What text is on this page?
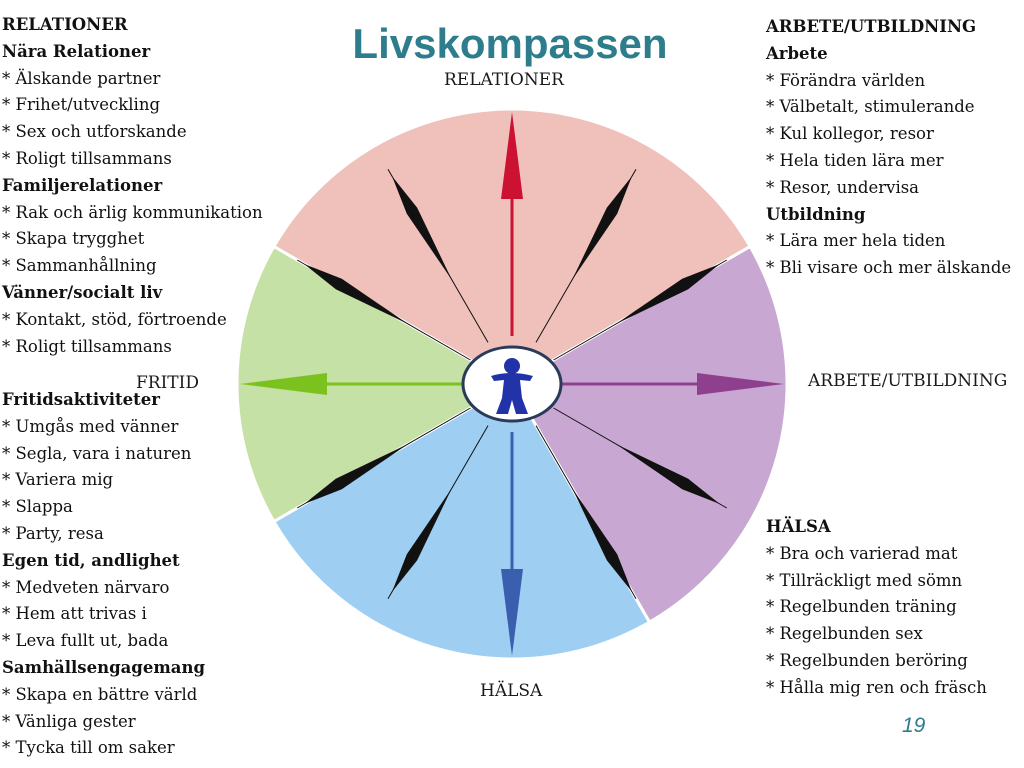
Livskompassen
RELATIONER
Nära Relationer
* Älskande partner
* Frihet/utveckling
* Sex och utforskande
* Roligt tillsammans
Familjerelationer
* Rak och ärlig kommunikation
* Skapa trygghet
* Sammanhållning
Vänner/socialt liv
* Kontakt, stöd, förtroende
* Roligt tillsammans
Fritidsaktiviteter
* Umgås med vänner
* Segla, vara i naturen
* Variera mig
* Slappa
* Party, resa
Egen tid, andlighet
* Medveten närvaro
* Hem att trivas i
* Leva fullt ut, bada
Samhällsengagemang
* Skapa en bättre värld
* Vänliga gester
* Tycka till om saker
ARBETE/UTBILDNING
Arbete
* Förändra världen
* Välbetalt, stimulerande
* Kul kollegor, resor
* Hela tiden lära mer
* Resor, undervisa
Utbildning
* Lära mer hela tiden
* Bli visare och mer älskande
HÄLSA
* Bra och varierad mat
* Tillräckligt med sömn
* Regelbunden träning
* Regelbunden sex
* Regelbunden beröring
* Hålla mig ren och fräsch
RELATIONER
FRITID	ARBETE/UTBILDNING
HÄLSA
19
